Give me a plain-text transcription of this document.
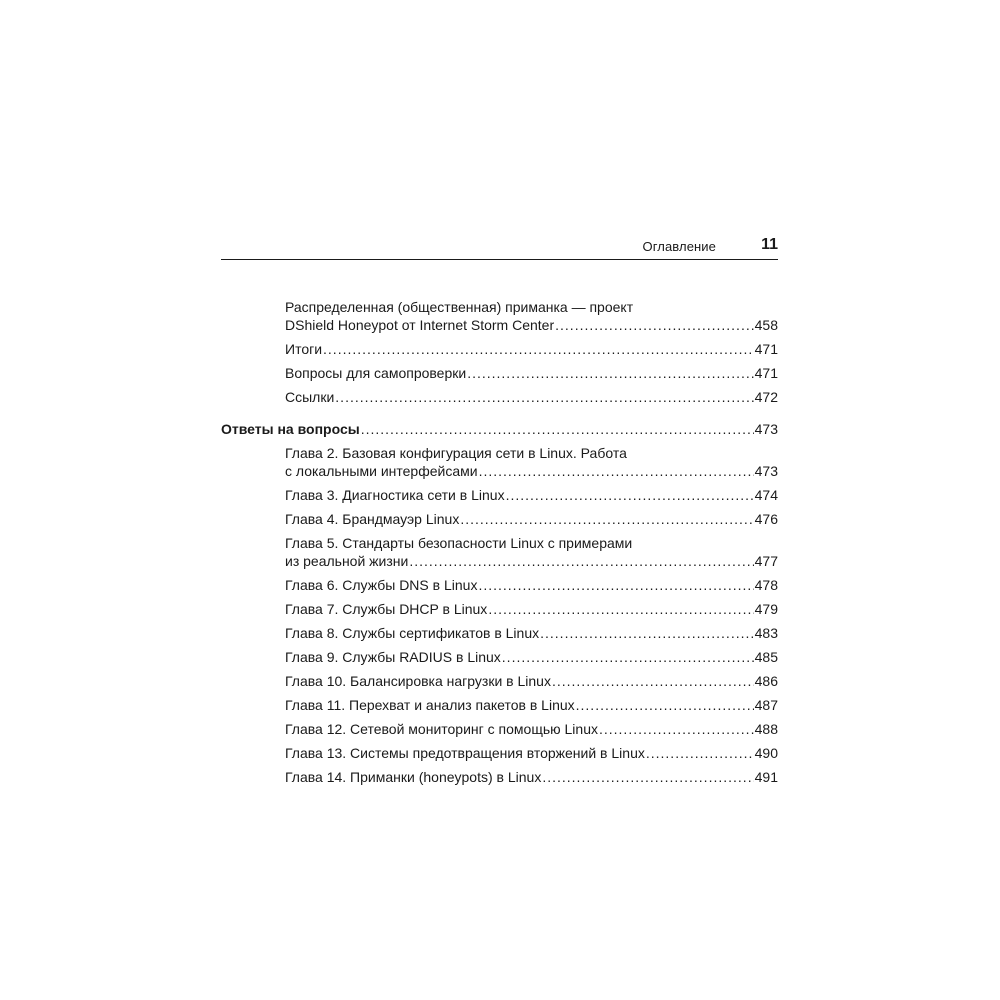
Оглавление	11
Распределенная (общественная) приманка — проект
DShield Honeypot от Internet Storm Center .....	458
Итоги .....	471
Вопросы для самопроверки .....	471
Ссылки .....	472
Ответы на вопросы .....	473
Глава 2. Базовая конфигурация сети в Linux. Работа
с локальными интерфейсами .....	473
Глава 3. Диагностика сети в Linux .....	474
Глава 4. Брандмауэр Linux .....	476
Глава 5. Стандарты безопасности Linux с примерами
из реальной жизни .....	477
Глава 6. Службы DNS в Linux .....	478
Глава 7. Службы DHCP в Linux .....	479
Глава 8. Службы сертификатов в Linux .....	483
Глава 9. Службы RADIUS в Linux .....	485
Глава 10. Балансировка нагрузки в Linux .....	486
Глава 11. Перехват и анализ пакетов в Linux .....	487
Глава 12. Сетевой мониторинг с помощью Linux .....	488
Глава 13. Системы предотвращения вторжений в Linux .....	490
Глава 14. Приманки (honeypots) в Linux .....	491
